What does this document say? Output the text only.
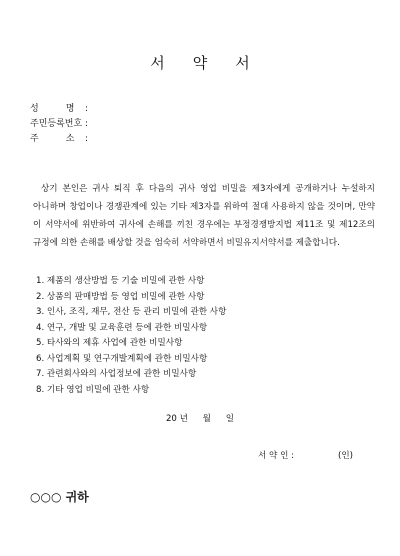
서 약 서
성　　　명 :
주민등록번호 :
주　　　소 :
상기 본인은 귀사 퇴직 후 다음의 귀사 영업 비밀을 제3자에게 공개하거나 누설하지 아니하며 창업이나 경쟁관계에 있는 기타 제3자를 위하여 절대 사용하지 않을 것이며, 만약 이 서약서에 위반하여 귀사에 손해를 끼친 경우에는 부정경쟁방지법 제11조 및 제12조의 규정에 의한 손해를 배상할 것을 엄숙히 서약하면서 비밀유지서약서를 제출합니다.
1. 제품의 생산방법 등 기술 비밀에 관한 사항
2. 상품의 판매방법 등 영업 비밀에 관한 사항
3. 인사, 조직, 재무, 전산 등 관리 비밀에 관한 사항
4. 연구, 개발 및 교육훈련 등에 관한 비밀사항
5. 타사와의 제휴 사업에 관한 비밀사항
6. 사업계획 및 연구개발계획에 관한 비밀사항
7. 관련회사와의 사업정보에 관한 비밀사항
8. 기타 영업 비밀에 관한 사항
20 년 월 일
서 약 인 :	(인)
○○○ 귀하
